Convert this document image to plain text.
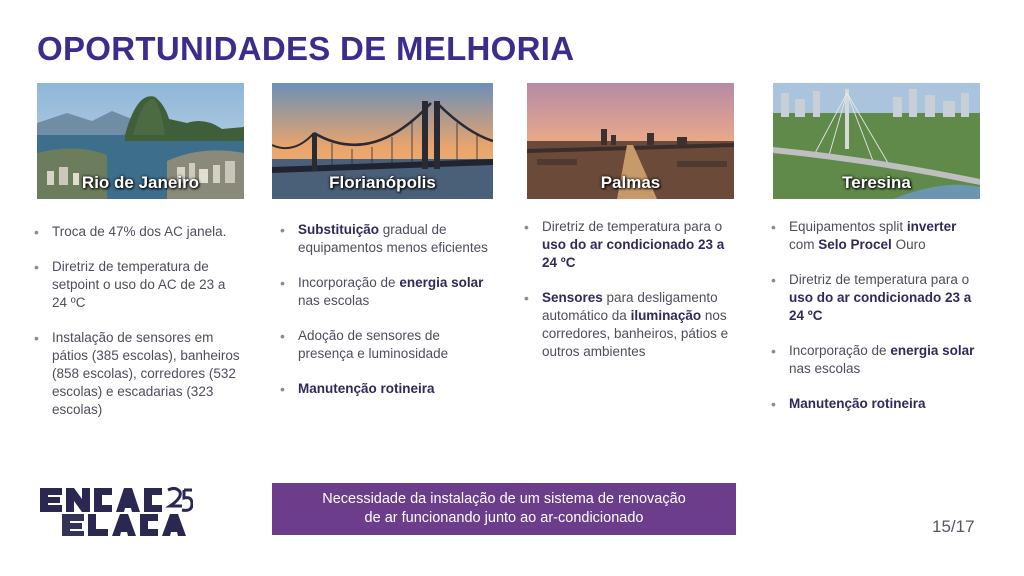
OPORTUNIDADES DE MELHORIA
Rio de Janeiro	Florianópolis	Palmas	Teresina
• Troca de 47% dos AC janela.
• Diretriz de temperatura de setpoint o uso do AC de 23 a 24 ºC
• Instalação de sensores em pátios (385 escolas), banheiros (858 escolas), corredores (532 escolas) e escadarias (323 escolas)
• Substituição gradual de equipamentos menos eficientes
• Incorporação de energia solar nas escolas
• Adoção de sensores de presença e luminosidade
• Manutenção rotineira
• Diretriz de temperatura para o uso do ar condicionado 23 a 24 ºC
• Sensores para desligamento automático da iluminação nos corredores, banheiros, pátios e outros ambientes
• Equipamentos split inverter com Selo Procel Ouro
• Diretriz de temperatura para o uso do ar condicionado 23 a 24 ºC
• Incorporação de energia solar nas escolas
• Manutenção rotineira
Necessidade da instalação de um sistema de renovação
de ar funcionando junto ao ar-condicionado	15/17
